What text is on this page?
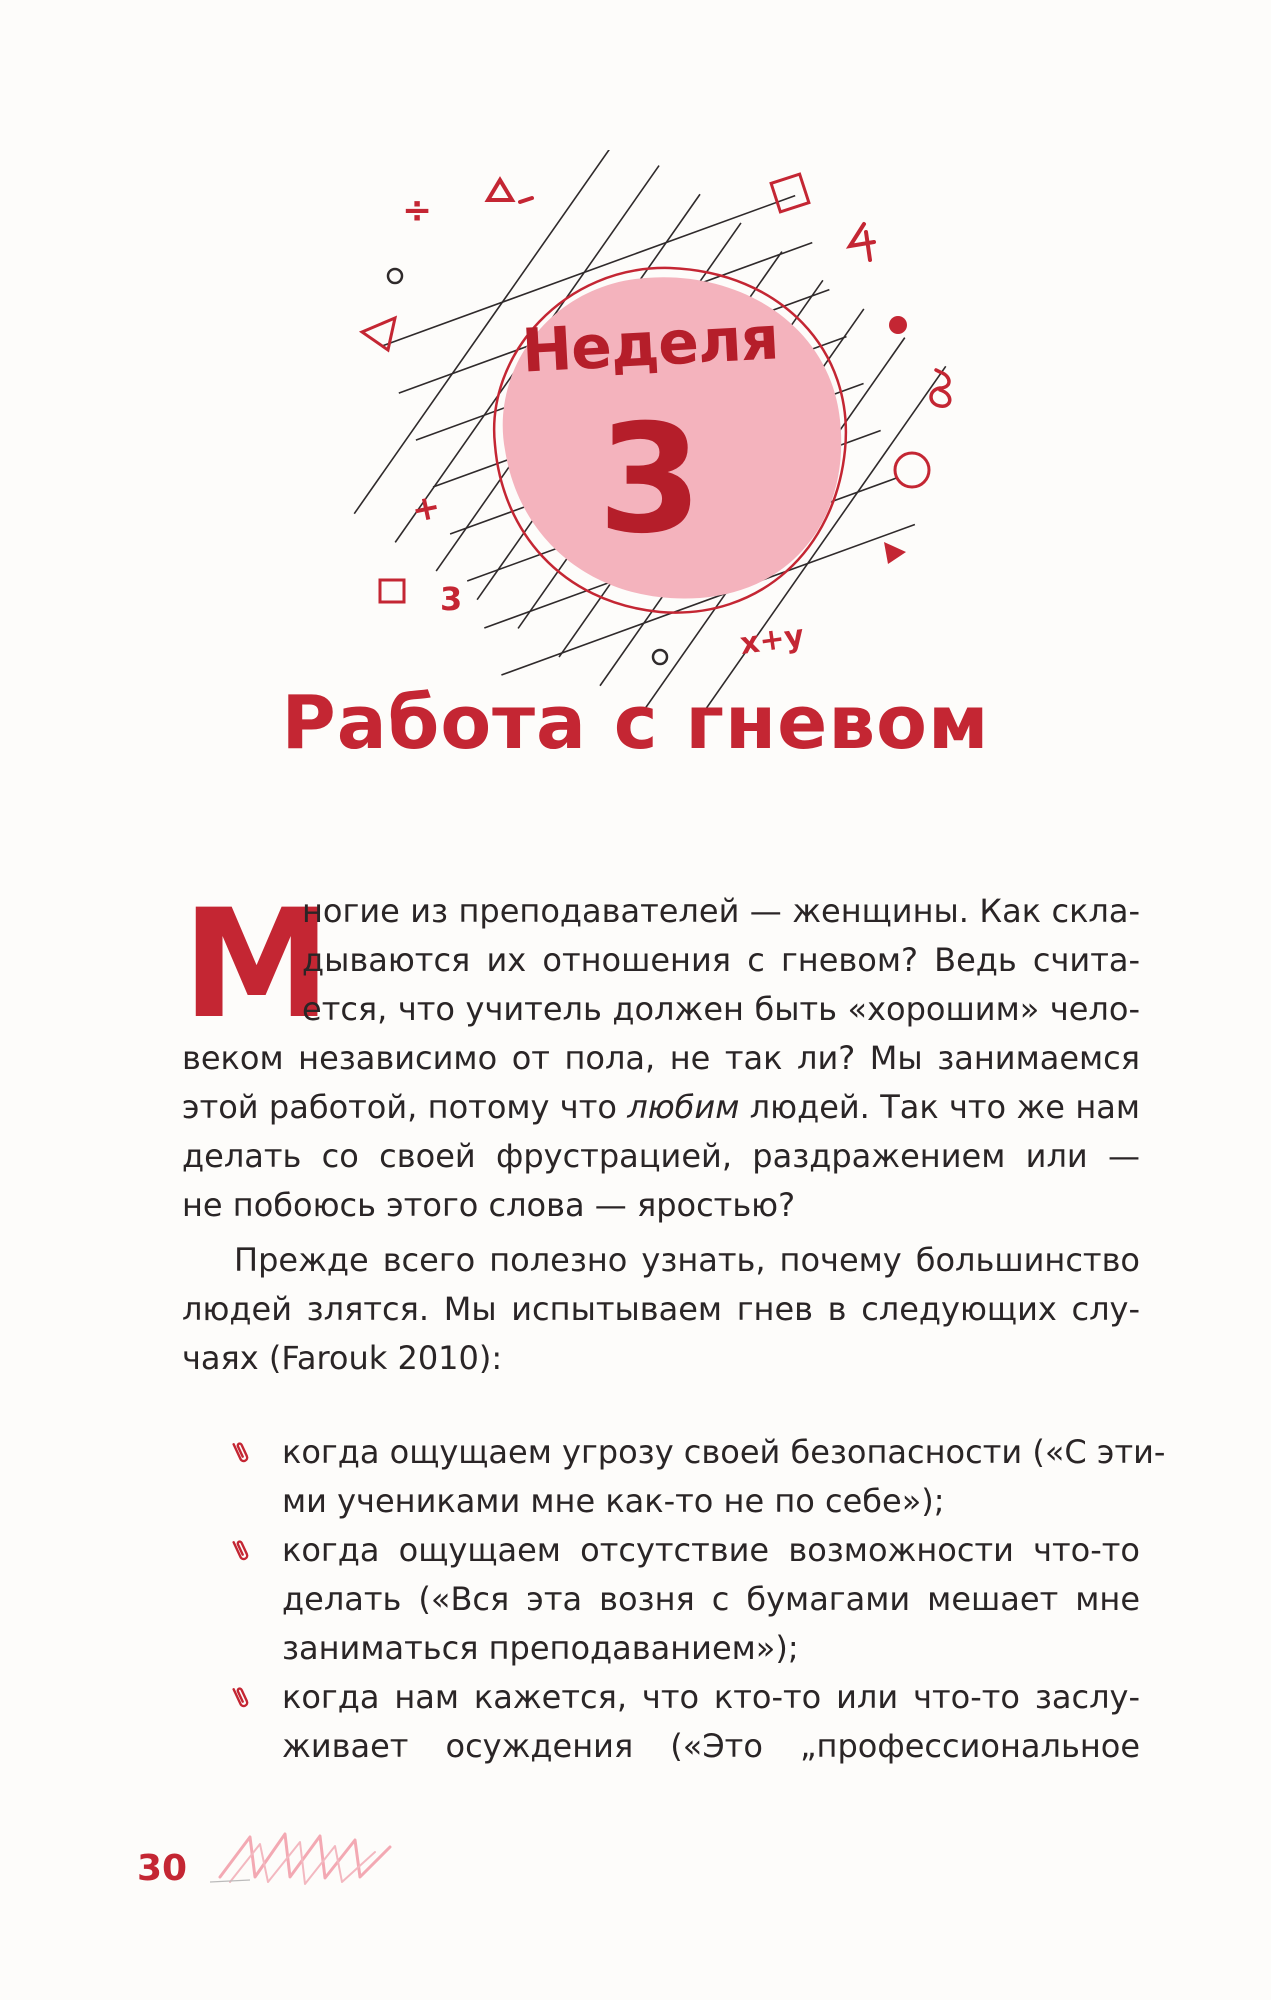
÷
+
3
x+y
Неделя
3
Работа с гневом
М
ногие из преподавателей — женщины. Как скла-
дываются их отношения с гневом? Ведь счита-
ется, что учитель должен быть «хорошим» чело-
веком независимо от пола, не так ли? Мы занимаемся
этой работой, потому что любим людей. Так что же нам
делать со своей фрустрацией, раздражением или —
не побоюсь этого слова — яростью?
Прежде всего полезно узнать, почему большинство
людей злятся. Мы испытываем гнев в следующих слу-
чаях (Farouk 2010):
когда ощущаем угрозу своей безопасности («С эти-
ми учениками мне как-то не по себе»);
когда ощущаем отсутствие возможности что-то
делать («Вся эта возня с бумагами мешает мне
заниматься преподаванием»);
когда нам кажется, что кто-то или что-то заслу-
живает осуждения («Это „профессиональное
30
